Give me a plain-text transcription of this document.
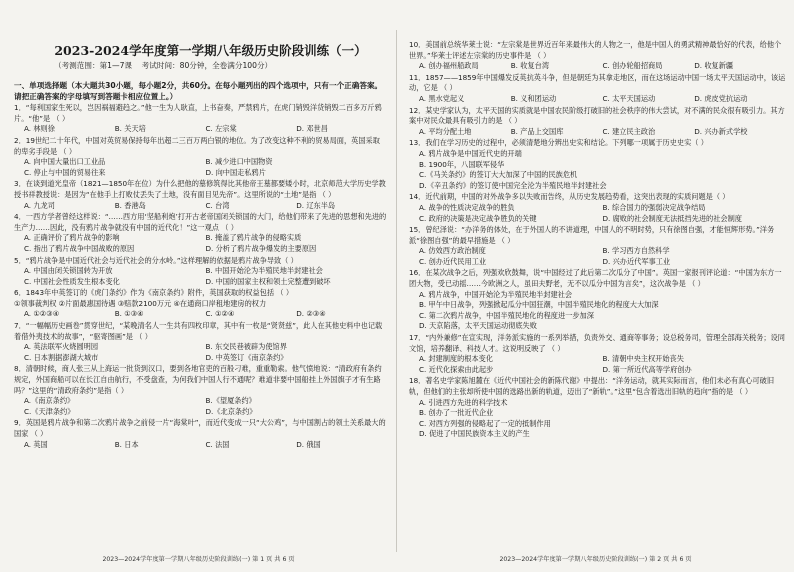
2023-2024学年度第一学期八年级历史阶段训练（一）
（考测范围：第1—7课    考试时间：80分钟，全卷满分100分）
一、单项选择题（本大题共30小题，每小题2分，共60分。在每小题列出的四个选项中，只有一个正确答案。请把正确答案的字母填写到答题卡相应位置上。）
1．“每利国家生死以，岂因祸福避趋之。”他一生为人耿直，上书奋奏，严禁鸦片，在虎门销毁洋货销毁二百多万斤鸦片。“他”是 （ ）
A. 林则徐	B. 关天培	C. 左宗棠	D. 邓世昌
2．19世纪二十年代，中国对英贸易保持每年出超二三百万两白银的地位。为了改变这种不利的贸易局面，英国采取的卑劣手段是 （ ）
A. 向中国大量出口工业品	B. 减少进口中国物资
C. 停止与中国的贸易往来	D. 向中国走私鸦片
3．在谈到道光皇帝（1821—1850年在位）为什么把他的墓修筑得比其他帝王墓都要矮小时，北京师范大学历史学教授书祥教授说：是因为“在他手上打败仗丢失了土地，没有面目见先帝”。这里所说的“土地”是指 （ ）
A. 九龙司	B. 香港岛	C. 台湾	D. 辽东半岛
4．一西方学者曾经这样说：“……西方用‘坚船利炮’打开古老帝国闭关锁国的大门，给他们带来了先进的思想和先进的生产力……因此，没有鸦片战争就没有中国的近代化！”这一观点 （ ）
A. 正确评价了鸦片战争的影响	B. 掩盖了鸦片战争的侵略实质
C. 指出了鸦片战争中国战败的原因	D. 分析了鸦片战争爆发的主要原因
5．“鸦片战争是中国近代社会与近代社会的分水岭。”这样理解的依据是鸦片战争导致（ ）
A. 中国由闭关锁国转为开放	B. 中国开始沦为半殖民地半封建社会
C. 中国社会性质发生根本变化	D. 中国的国家主权和领土完整遭到破坏
6．1843年中英签订的《虎门条约》作为《南京条约》附件，英国获取的权益包括 （ ）
①领事裁判权 ②片面最惠国待遇 ③赔款2100万元 ④在通商口岸租地建房的权力
A. ①②③④	B. ①③④	C. ①②④	D. ②③④
7．“一幅幅历史画卷”贯穿世纪，“某晚清名人一生共有四枚印章，其中有一枚是“贤贤兹”，此人在其他史料中也记载着借外夷技术的故事”，“驱寄图画”是 （ ）
A. 英法联军火烧圆明园	B. 东交民巷被辟为使馆界
C. 日本割据澎湖大城市	D. 中英签订《南京条约》
8．清朝时候，商人张三从上海运一批货到汉口，要到各地官吏的百般刁难，重重勒索。他气愤地说：“清政府有条约规定，外国商船可以在长江自由航行，不受盘查，为何我们中国人行不通呢？难道非要中国船挂上外国旗子才有生路吗？”这里的“清政府条约”是指（ ）
A.《南京条约》	B.《望厦条约》
C.《天津条约》	D.《北京条约》
9．英国是鸦片战争和第二次鸦片战争之前侵一片“海棠叶”，而近代变成一只“大公鸡”，与中国割占的领土关系最大的国家 （ ）
A. 英国	B. 日本	C. 法国	D. 俄国
2023—2024学年度第一学期八年级历史阶段训练(一) 第 1 页 共 6 页
10．美国前总统华莱士说：“左宗棠是世界近百年来最伟大的人物之一，他是中国人的勇武精神最恰好的代表，给他个世界。”华莱士评述左宗棠的历史事件是 （ ）
A. 创办福州船政局	B. 收复台湾	C. 创办轮船招商局	D. 收复新疆
11．1857——1859年中国爆发反英抗英斗争，但是朝廷为其拿走地区，而在这场运动中国一场太平天国运动中，该运动，它是 （ ）
A. 黑水党起义	B. 义和团运动	C. 太平天国运动	D. 虎皮党抗运动
12．某史学家认为，太平天国的实质就是中国农民阶级打破旧的社会秩序的伟大尝试，对不满的民众很有吸引力。其方案中对民众最具有吸引力的是 （ ）
A. 平均分配土地	B. 产品上交国库	C. 建立民主政治	D. 兴办新式学校
13．我们在学习历史的过程中，必须清楚地分辨出史实和结论。下列哪一项属于历史史实（ ）
A. 鸦片战争是中国近代史的开端
B. 1900年，八国联军侵华
C.《马关条约》的签订大大加深了中国的民族危机
D.《辛丑条约》的签订使中国完全沦为半殖民地半封建社会
14．近代前期，中国的对外战争多以失败而告终，从历史发展趋势看，这突出表现的实质问题是（ ）
A. 战争的性质决定战争的胜负	B. 综合国力的强弱决定战争结局
C. 政府的决策是决定战争胜负的关键	D. 腐败的社会制度无法抵挡先进的社会制度
15．曾纪泽说：“办洋务的体处，在于外国人的不讲道理，中国人的不明时势，只有徐图自强，才能恒辉形势。”洋务派“徐图自强”的最早措施是 （ ）
A. 仿效西方政治制度	B. 学习西方自然科学
C. 创办近代民用工业	D. 兴办近代军事工业
16．在某次战争之后，列强欢欣鼓舞，说“中国经过了此后第二次瓜分了中国”。英国一家报刊评论道：“中国为东方一团大物，受已动摇……今欧洲之人，虽田夫野老，无不以瓜分中国为言矣”，这次战争是 （ ）
A. 鸦片战争，中国开始沦为半殖民地半封建社会
B. 甲午中日战争，列强掀起瓜分中国狂潮，中国半殖民地化的程度大大加深
C. 第二次鸦片战争，中国半殖民地化的程度进一步加深
D. 天京陷落，太平天国运动彻底失败
17．“内外兼修”在宣实现，洋务派实施的一系列举措，负责外交、通商等事务；设总税务司，管理全部海关税务；设同文馆，培养翻译、科技人才。这说明反映了 （ ）
A. 封建制度的根本变化	B. 清朝中央主权开始丧失
C. 近代化探索由此起步	D. 第一所近代高等学府创办
18．著名史学家陈旭麓在《近代中国社会的新陈代谢》中提出：“洋务运动，就其实际而言，他们未必有真心可破旧轨，但他们的主张却所使中国的选路出新的轨道，迈出了“新轨”。”这里“包含着选出旧轨的趋向”指的是 （ ）
A. 引进西方先进的科学技术
B. 创办了一批近代企业
C. 对西方列强的侵略起了一定的抵制作用
D. 促进了中国民族资本主义的产生
2023—2024学年度第一学期八年级历史阶段训练(一) 第 2 页 共 6 页
